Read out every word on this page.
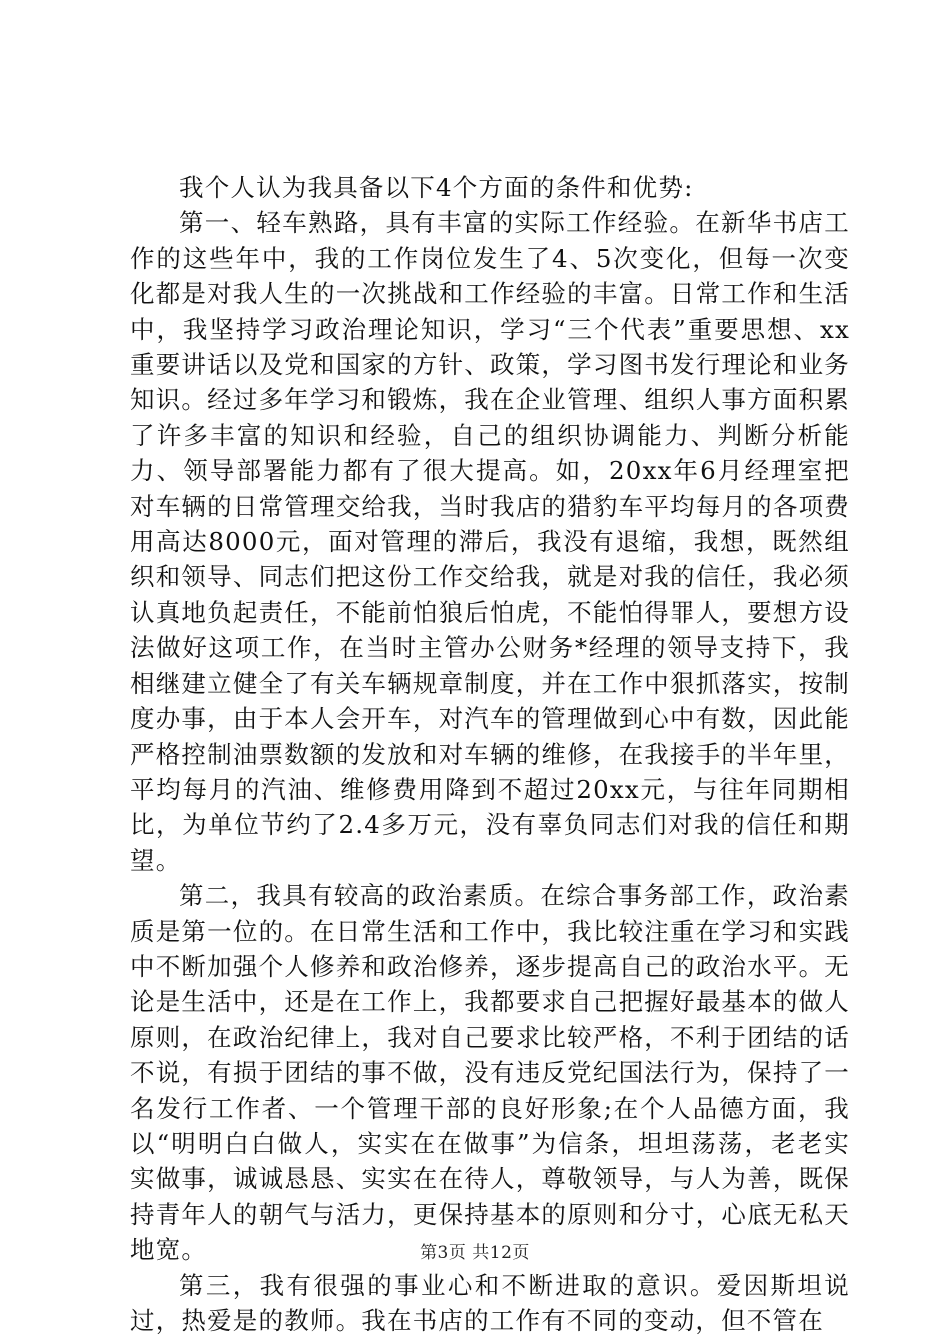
我个人认为我具备以下4个方面的条件和优势:

第一、轻车熟路，具有丰富的实际工作经验。在新华书店工作的这些年中，我的工作岗位发生了4、5次变化，但每一次变化都是对我人生的一次挑战和工作经验的丰富。日常工作和生活中，我坚持学习政治理论知识，学习“三个代表”重要思想、xx重要讲话以及党和国家的方针、政策，学习图书发行理论和业务知识。经过多年学习和锻炼，我在企业管理、组织人事方面积累了许多丰富的知识和经验，自己的组织协调能力、判断分析能力、领导部署能力都有了很大提高。如，20xx年6月经理室把对车辆的日常管理交给我，当时我店的猎豹车平均每月的各项费用高达8000元，面对管理的滞后，我没有退缩，我想，既然组织和领导、同志们把这份工作交给我，就是对我的信任，我必须认真地负起责任，不能前怕狼后怕虎，不能怕得罪人，要想方设法做好这项工作，在当时主管办公财务*经理的领导支持下，我相继建立健全了有关车辆规章制度，并在工作中狠抓落实，按制度办事，由于本人会开车，对汽车的管理做到心中有数，因此能严格控制油票数额的发放和对车辆的维修，在我接手的半年里，平均每月的汽油、维修费用降到不超过20xx元，与往年同期相比，为单位节约了2.4多万元，没有辜负同志们对我的信任和期望。

第二，我具有较高的政治素质。在综合事务部工作，政治素质是第一位的。在日常生活和工作中，我比较注重在学习和实践中不断加强个人修养和政治修养，逐步提高自己的政治水平。无论是生活中，还是在工作上，我都要求自己把握好最基本的做人原则，在政治纪律上，我对自己要求比较严格，不利于团结的话不说，有损于团结的事不做，没有违反党纪国法行为，保持了一名发行工作者、一个管理干部的良好形象;在个人品德方面，我以“明明白白做人，实实在在做事”为信条，坦坦荡荡，老老实实做事，诚诚恳恳、实实在在待人，尊敬领导，与人为善，既保持青年人的朝气与活力，更保持基本的原则和分寸，心底无私天地宽。

第三，我有很强的事业心和不断进取的意识。爱因斯坦说过，热爱是的教师。我在书店的工作有不同的变动，但不管在

第3页 共12页
